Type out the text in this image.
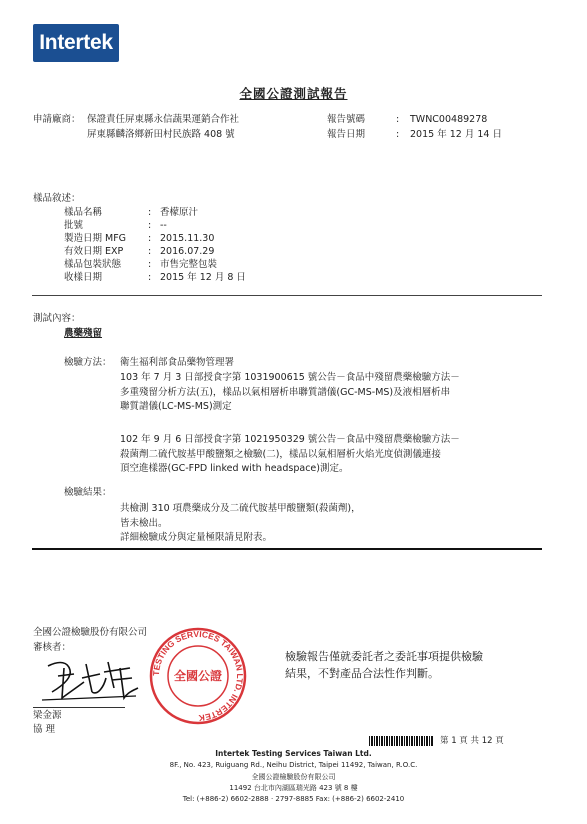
Intertek
全國公證測試報告
申請廠商： 保證責任屏東縣永信蔬果運銷合作社
屏東縣麟洛鄉新田村民族路 408 號
報告號碼	: TWNC00489278
報告日期	: 2015 年 12 月 14 日
樣品敘述：
樣品名稱	: 香檬原汁
批號	: --
製造日期 MFG : 2015.11.30
有效日期 EXP	: 2016.07.29
樣品包裝狀態	: 市售完整包裝
收樣日期	: 2015 年 12 月 8 日
測試內容：
農藥殘留
檢驗方法： 衛生福利部食品藥物管理署
103 年 7 月 3 日部授食字第 1031900615 號公告－食品中殘留農藥檢驗方法－
多重殘留分析方法(五)，樣品以氣相層析串聯質譜儀(GC-MS-MS)及液相層析串
聯質譜儀(LC-MS-MS)測定
102 年 9 月 6 日部授食字第 1021950329 號公告－食品中殘留農藥檢驗方法－
殺菌劑二硫代胺基甲酸鹽類之檢驗(二)，樣品以氣相層析火焰光度偵測儀連接
頂空進樣器(GC-FPD linked with headspace)測定。
檢驗結果：
共檢測 310 項農藥成分及二硫代胺基甲酸鹽類(殺菌劑)，
皆未檢出。
詳細檢驗成分與定量極限請見附表。
全國公證檢驗股份有限公司
審核者：
梁金源
協 理
TESTING SERVICES TAIWAN LTD. INTERTEK
全國公證
檢驗報告僅就委託者之委託事項提供檢驗
結果，不對產品合法性作判斷。
第 1 頁 共 12 頁
Intertek Testing Services Taiwan Ltd.
8F., No. 423, Ruiguang Rd., Neihu District, Taipei 11492, Taiwan, R.O.C.
全國公證檢驗股份有限公司
11492 台北市內湖區瑞光路 423 號 8 樓
Tel: (+886-2) 6602-2888 · 2797-8885 Fax: (+886-2) 6602-2410
